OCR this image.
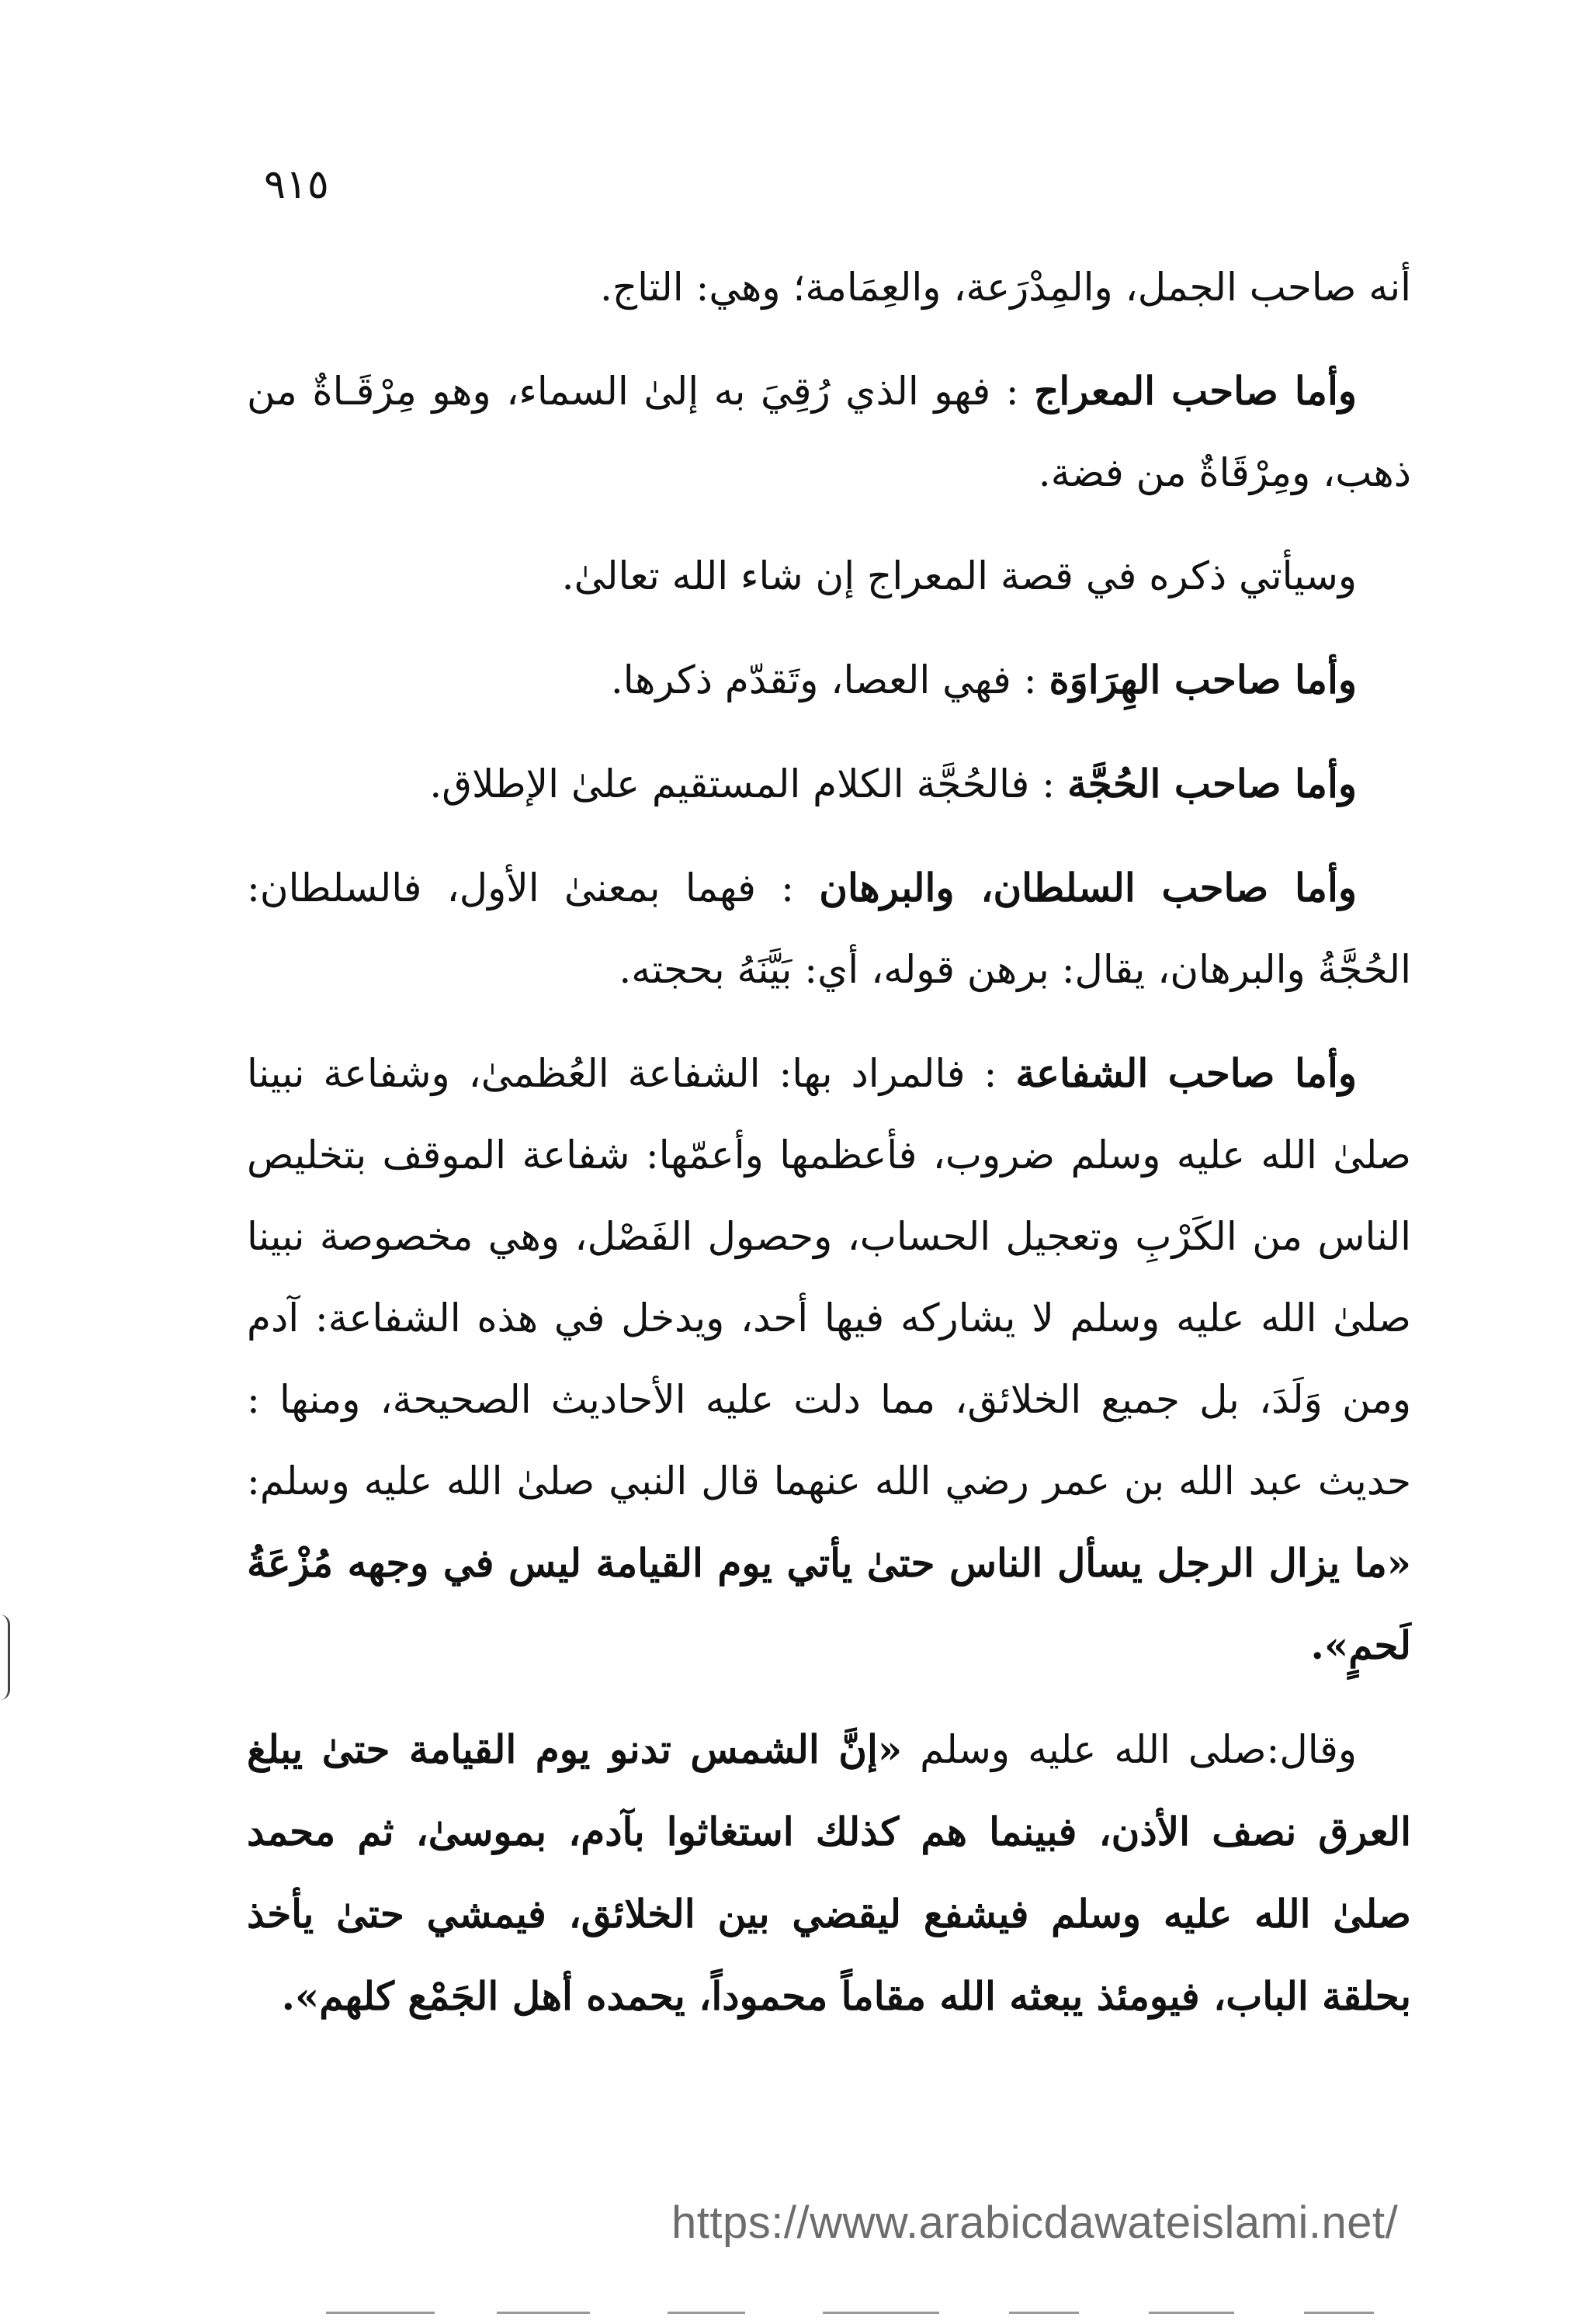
٩١٥

أنه صاحب الجمل، والمِدْرَعة، والعِمَامة؛ وهي: التاج.

وأما صاحب المعراج : فهو الذي رُقِيَ به إلىٰ السماء، وهو مِرْقَـاةٌ من ذهب، ومِرْقَاةٌ من فضة.

وسيأتي ذكره في قصة المعراج إن شاء الله تعالىٰ.

وأما صاحب الهِرَاوَة : فهي العصا، وتَقدّم ذكرها.

وأما صاحب الحُجَّة : فالحُجَّة الكلام المستقيم علىٰ الإطلاق.

وأما صاحب السلطان، والبرهان : فهما بمعنىٰ الأول، فالسلطان: الحُجَّةُ والبرهان، يقال: برهن قوله، أي: بَيَّنَهُ بحجته.

وأما صاحب الشفاعة : فالمراد بها: الشفاعة العُظمىٰ، وشفاعة نبينا صلىٰ الله عليه وسلم ضروب، فأعظمها وأعمّها: شفاعة الموقف بتخليص الناس من الكَرْبِ وتعجيل الحساب، وحصول الفَصْل، وهي مخصوصة نبينا صلىٰ الله عليه وسلم لا يشاركه فيها أحد، ويدخل في هذه الشفاعة: آدم ومن وَلَدَ، بل جميع الخلائق، مما دلت عليه الأحاديث الصحيحة، ومنها : حديث عبد الله بن عمر رضي الله عنهما قال النبي صلىٰ الله عليه وسلم: «ما يزال الرجل يسأل الناس حتىٰ يأتي يوم القيامة ليس في وجهه مُزْعَةُ لَحمٍ».

وقال:صلى الله عليه وسلم «إنَّ الشمس تدنو يوم القيامة حتىٰ يبلغ العرق نصف الأذن، فبينما هم كذلك استغاثوا بآدم، بموسىٰ، ثم محمد صلىٰ الله عليه وسلم فيشفع ليقضي بين الخلائق، فيمشي حتىٰ يأخذ بحلقة الباب، فيومئذ يبعثه الله مقاماً محموداً، يحمده أهل الجَمْع كلهم».

https://www.arabicdawateislami.net/
